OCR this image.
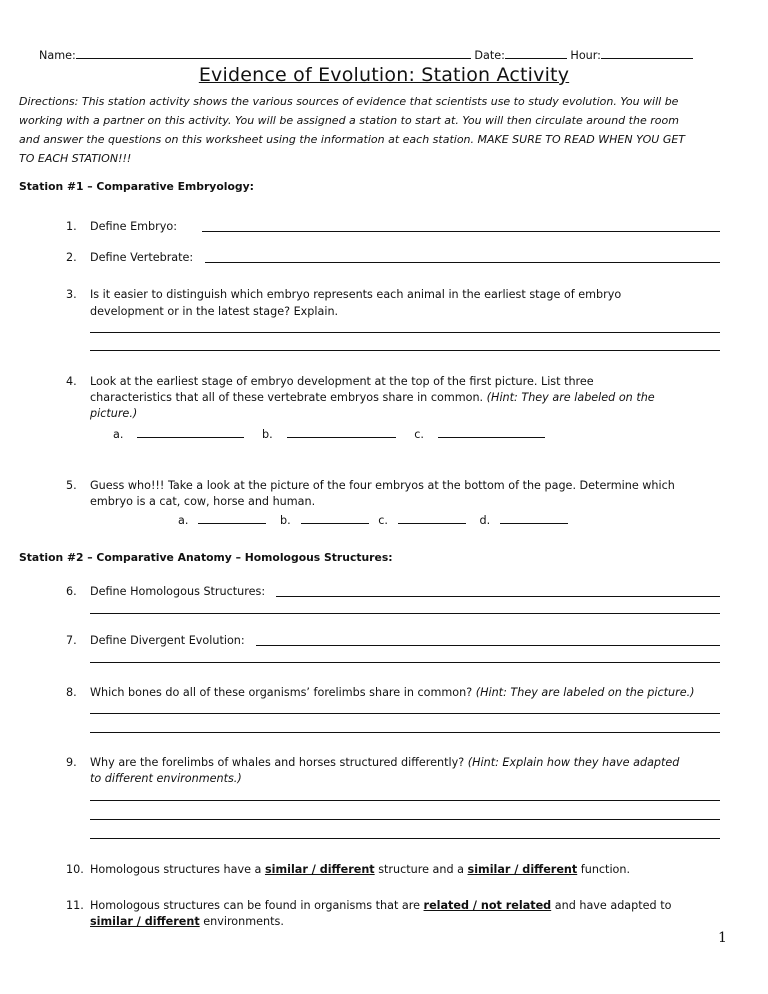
Name:	Date:	Hour:
Evidence of Evolution: Station Activity
Directions: This station activity shows the various sources of evidence that scientists use to study evolution. You will be working with a partner on this activity. You will be assigned a station to start at. You will then circulate around the room and answer the questions on this worksheet using the information at each station. MAKE SURE TO READ WHEN YOU GET TO EACH STATION!!!
Station #1 – Comparative Embryology:
1. Define Embryo:
2. Define Vertebrate:
3. Is it easier to distinguish which embryo represents each animal in the earliest stage of embryo
development or in the latest stage? Explain.
4. Look at the earliest stage of embryo development at the top of the first picture. List three
characteristics that all of these vertebrate embryos share in common. (Hint: They are labeled on the
picture.)
a.	b.	c.
5. Guess who!!! Take a look at the picture of the four embryos at the bottom of the page. Determine which
embryo is a cat, cow, horse and human.
a.	b.	c.	d.
Station #2 – Comparative Anatomy – Homologous Structures:
6. Define Homologous Structures:
7. Define Divergent Evolution:
8. Which bones do all of these organisms’ forelimbs share in common? (Hint: They are labeled on the picture.)
9. Why are the forelimbs of whales and horses structured differently? (Hint: Explain how they have adapted
to different environments.)
10. Homologous structures have a similar / different structure and a similar / different function.
11. Homologous structures can be found in organisms that are related / not related and have adapted to
similar / different environments.
1
